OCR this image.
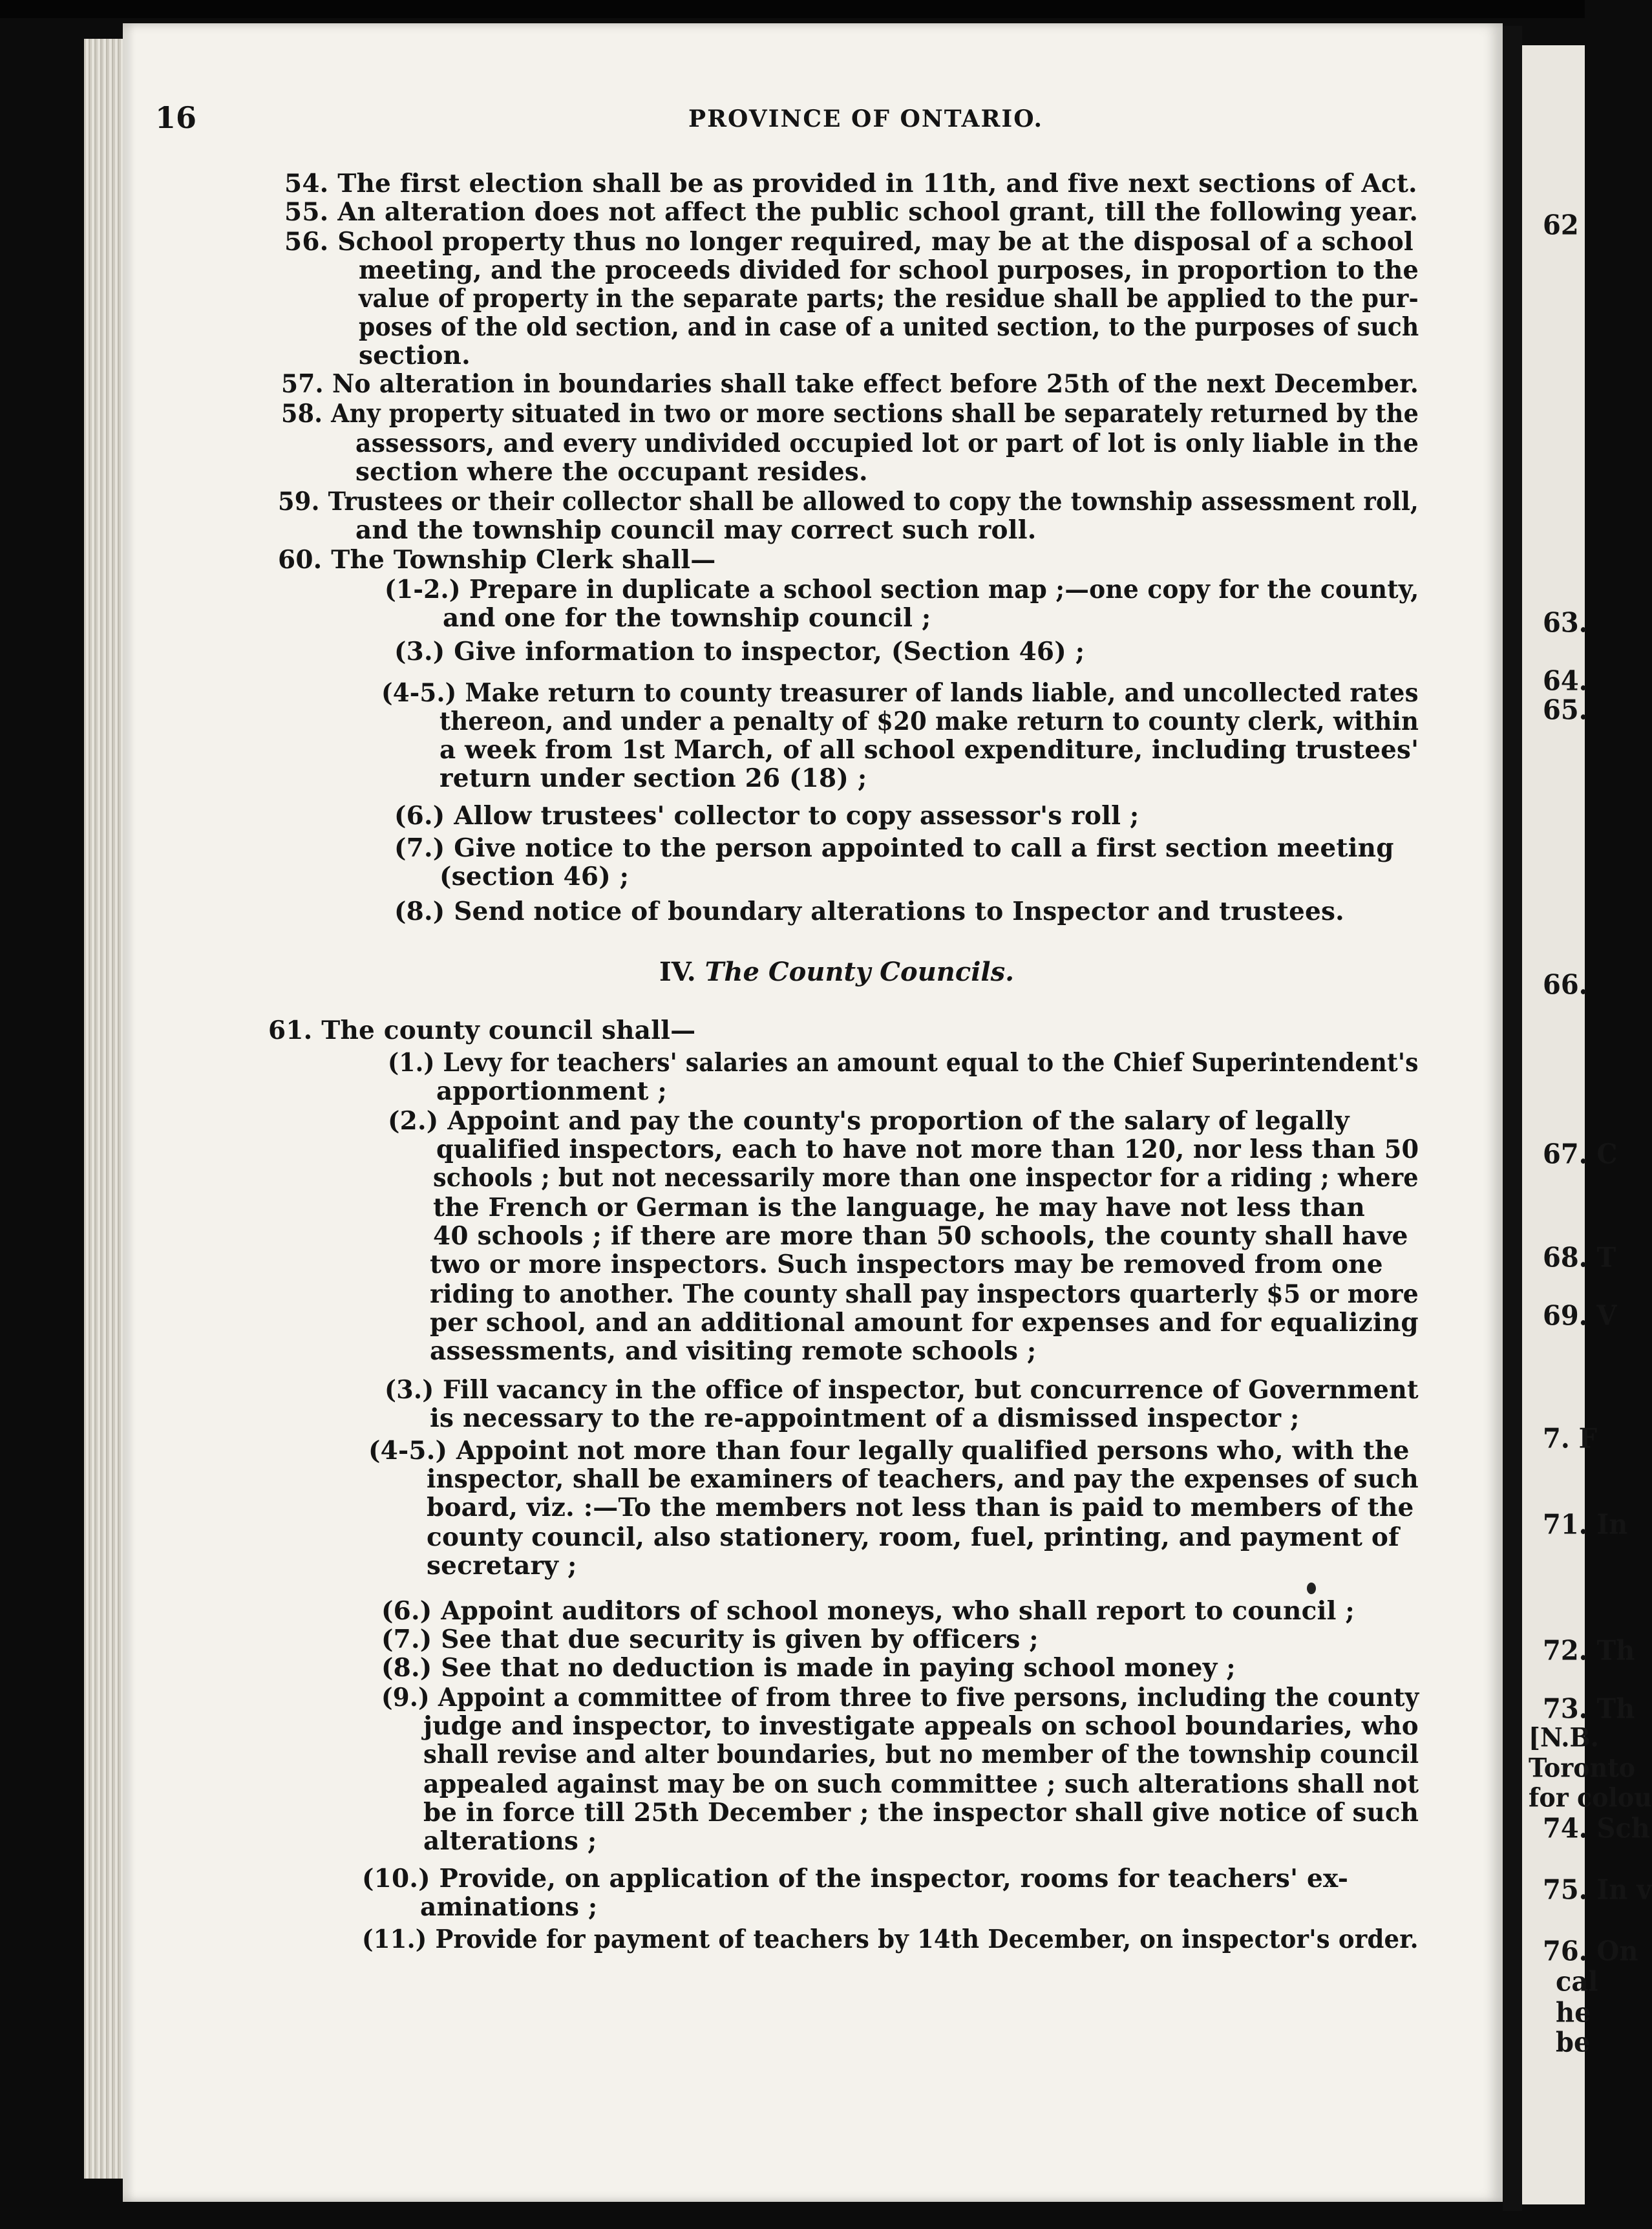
62
63.
64.
65.
66.
67. C
68. T
69. V
7. F
71. In
72. Th
73. Th
[N.B.
Toronto
for colou
74. Sch
75. In v
76. On
cal
he
be
16	PROVINCE OF ONTARIO.
54. The first election shall be as provided in 11th, and five next sections of Act.
55. An alteration does not affect the public school grant, till the following year.
56. School property thus no longer required, may be at the disposal of a school
meeting, and the proceeds divided for school purposes, in proportion to the
value of property in the separate parts; the residue shall be applied to the pur-
poses of the old section, and in case of a united section, to the purposes of such
section.
57. No alteration in boundaries shall take effect before 25th of the next December.
58. Any property situated in two or more sections shall be separately returned by the
assessors, and every undivided occupied lot or part of lot is only liable in the
section where the occupant resides.
59. Trustees or their collector shall be allowed to copy the township assessment roll,
and the township council may correct such roll.
60. The Township Clerk shall—
(1-2.) Prepare in duplicate a school section map ;—one copy for the county,
and one for the township council ;
(3.) Give information to inspector, (Section 46) ;
(4-5.) Make return to county treasurer of lands liable, and uncollected rates
thereon, and under a penalty of $20 make return to county clerk, within
a week from 1st March, of all school expenditure, including trustees'
return under section 26 (18) ;
(6.) Allow trustees' collector to copy assessor's roll ;
(7.) Give notice to the person appointed to call a first section meeting
(section 46) ;
(8.) Send notice of boundary alterations to Inspector and trustees.
IV. The County Councils.
61. The county council shall—
(1.) Levy for teachers' salaries an amount equal to the Chief Superintendent's
apportionment ;
(2.) Appoint and pay the county's proportion of the salary of legally
qualified inspectors, each to have not more than 120, nor less than 50
schools ; but not necessarily more than one inspector for a riding ; where
the French or German is the language, he may have not less than
40 schools ; if there are more than 50 schools, the county shall have
two or more inspectors. Such inspectors may be removed from one
riding to another. The county shall pay inspectors quarterly $5 or more
per school, and an additional amount for expenses and for equalizing
assessments, and visiting remote schools ;
(3.) Fill vacancy in the office of inspector, but concurrence of Government
is necessary to the re-appointment of a dismissed inspector ;
(4-5.) Appoint not more than four legally qualified persons who, with the
inspector, shall be examiners of teachers, and pay the expenses of such
board, viz. :—To the members not less than is paid to members of the
county council, also stationery, room, fuel, printing, and payment of
secretary ;
(6.) Appoint auditors of school moneys, who shall report to council ;
(7.) See that due security is given by officers ;
(8.) See that no deduction is made in paying school money ;
(9.) Appoint a committee of from three to five persons, including the county
judge and inspector, to investigate appeals on school boundaries, who
shall revise and alter boundaries, but no member of the township council
appealed against may be on such committee ; such alterations shall not
be in force till 25th December ; the inspector shall give notice of such
alterations ;
(10.) Provide, on application of the inspector, rooms for teachers' ex-
aminations ;
(11.) Provide for payment of teachers by 14th December, on inspector's order.
